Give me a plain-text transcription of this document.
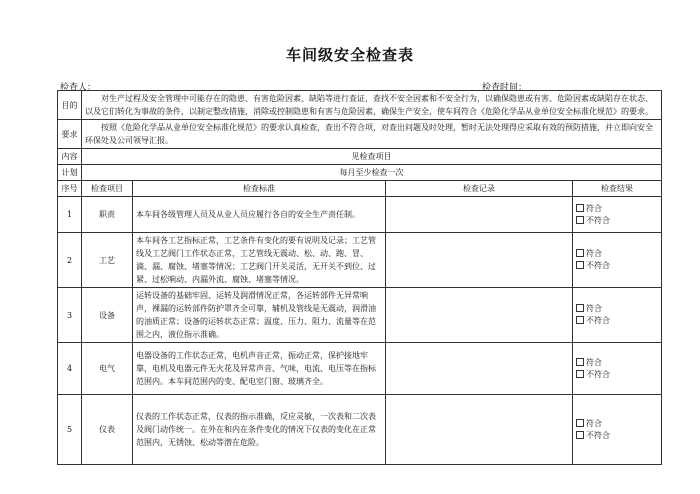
车间级安全检查表
检查人：	检查时间：
目的	对生产过程及安全管理中可能存在的隐患、有害危险因素、缺陷等进行查证，查找不安全因素和不安全行为，以确保隐患或有害、危险因素或缺陷存在状态、以及它们转化为事故的条件，以制定整改措施，消除或控制隐患和有害与危险因素，确保生产安全，使车间符合《危险化学品从业单位安全标准化规范》的要求。			
要求	按照《危险化学品从业单位安全标准化规范》的要求认真检查，查出不符合项，对查出问题及时处理，暂时无法处理得应采取有效的预防措施，并立即向安全环保处及公司领导汇报。			
内容	见检查项目			
计划	每月至少检查一次			
序号	检查项目	检查标准	检查记录	检查结果
1	职责	本车间各级管理人员及从业人员应履行各自的安全生产责任制。		符合
不符合

2	工艺	本车间各工艺指标正常，工艺条件有变化的要有说明及记录；工艺管线及工艺阀门工作状态正常，工艺管线无震动、松、动、跑、冒、滴、漏、腐蚀、堵塞等情况；工艺阀门开关灵活，无开关不到位、过紧、过松响动、内漏外流、腐蚀、堵塞等情况。		符合
不符合

3	设备	运转设备的基础牢固、运转及润滑情况正常，各运转部件无异常响声，裸漏的运转部件防护罩齐全可靠，辅机及管线是无震动，润滑油的油质正常；设备的运转状态正常；温度、压力、阻力、流量等在范围之内，液位指示准确。		符合
不符合

4	电气	电器设备的工作状态正常，电机声音正常，振动正常，保护接地牢靠，电机及电器元件无火花及异常声音、气味，电流、电压等在指标范围内。本车间范围内的变、配电室门窗、玻璃齐全。		符合
不符合

5	仪表	仪表的工作状态正常，仪表的指示准确，反应灵敏，一次表和二次表及阀门动作统一。在外在和内在条件变化的情况下仪表的变化在正常范围内，无锈蚀、松动等潜在危险。		符合
不符合
